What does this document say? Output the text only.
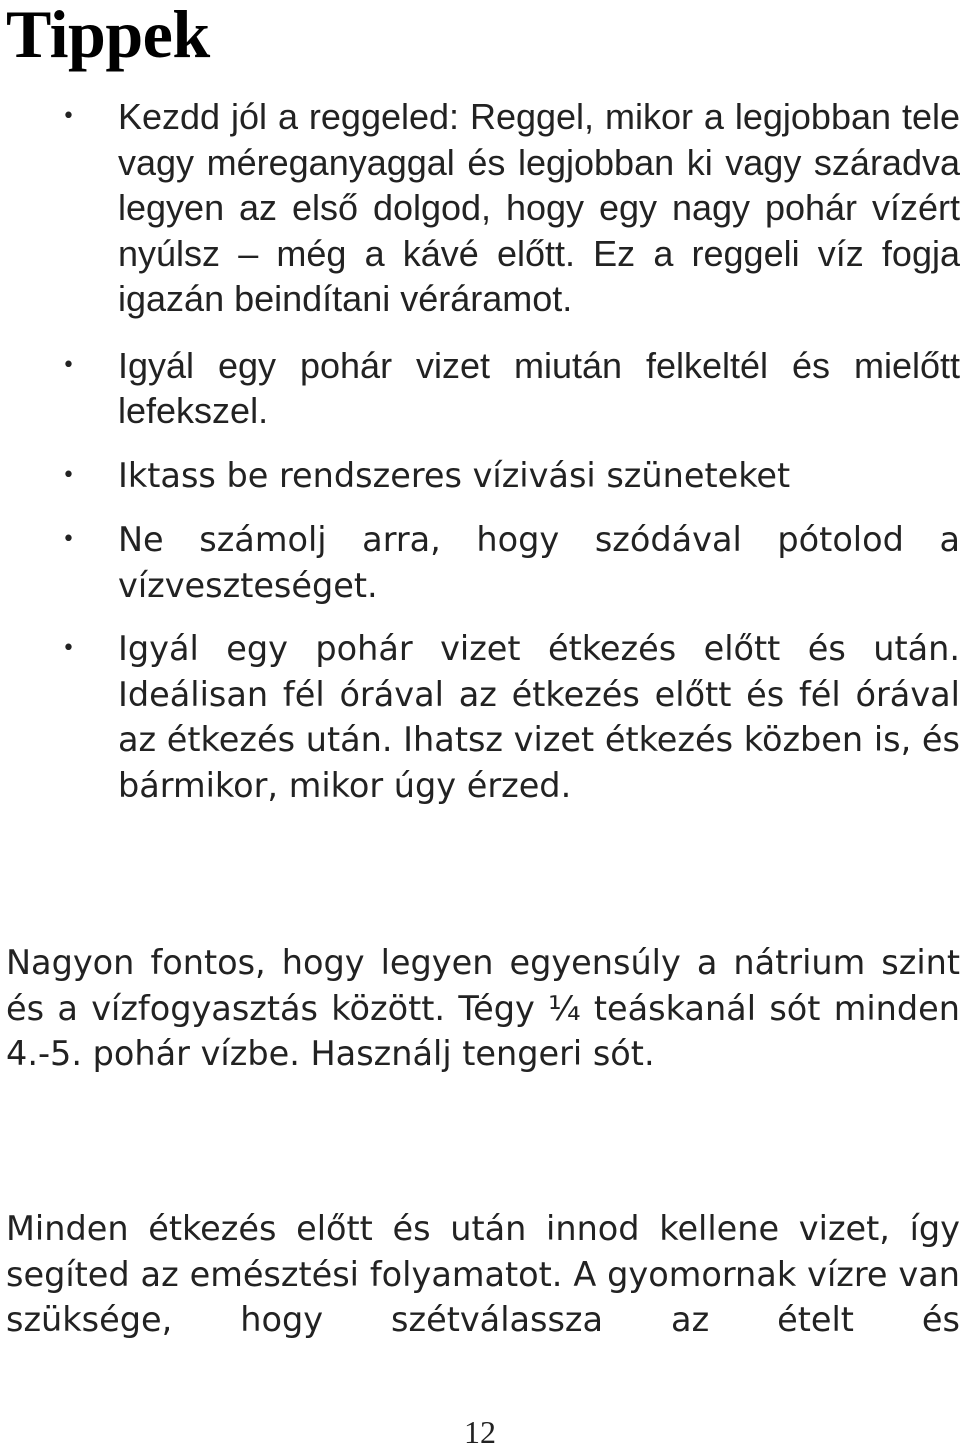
Tippek
• Kezdd jól a reggeled: Reggel, mikor a legjobban tele vagy méreganyaggal és legjobban ki vagy száradva legyen az első dolgod, hogy egy nagy pohár vízért nyúlsz – még a kávé előtt. Ez a reggeli víz fogja igazán beindítani véráramot.
• Igyál egy pohár vizet miután felkeltél és mielőtt lefekszel.
• Iktass be rendszeres vízivási szüneteket
• Ne számolj arra, hogy szódával pótolod a vízveszteséget.
• Igyál egy pohár vizet étkezés előtt és után. Ideálisan fél órával az étkezés előtt és fél órával az étkezés után. Ihatsz vizet étkezés közben is, és bármikor, mikor úgy érzed.

Nagyon fontos, hogy legyen egyensúly a nátrium szint és a vízfogyasztás között. Tégy ¼ teáskanál sót minden 4.-5. pohár vízbe. Használj tengeri sót.

Minden étkezés előtt és után innod kellene vizet, így segíted az emésztési folyamatot. A gyomornak vízre van szüksége, hogy szétválassza az ételt és

12
